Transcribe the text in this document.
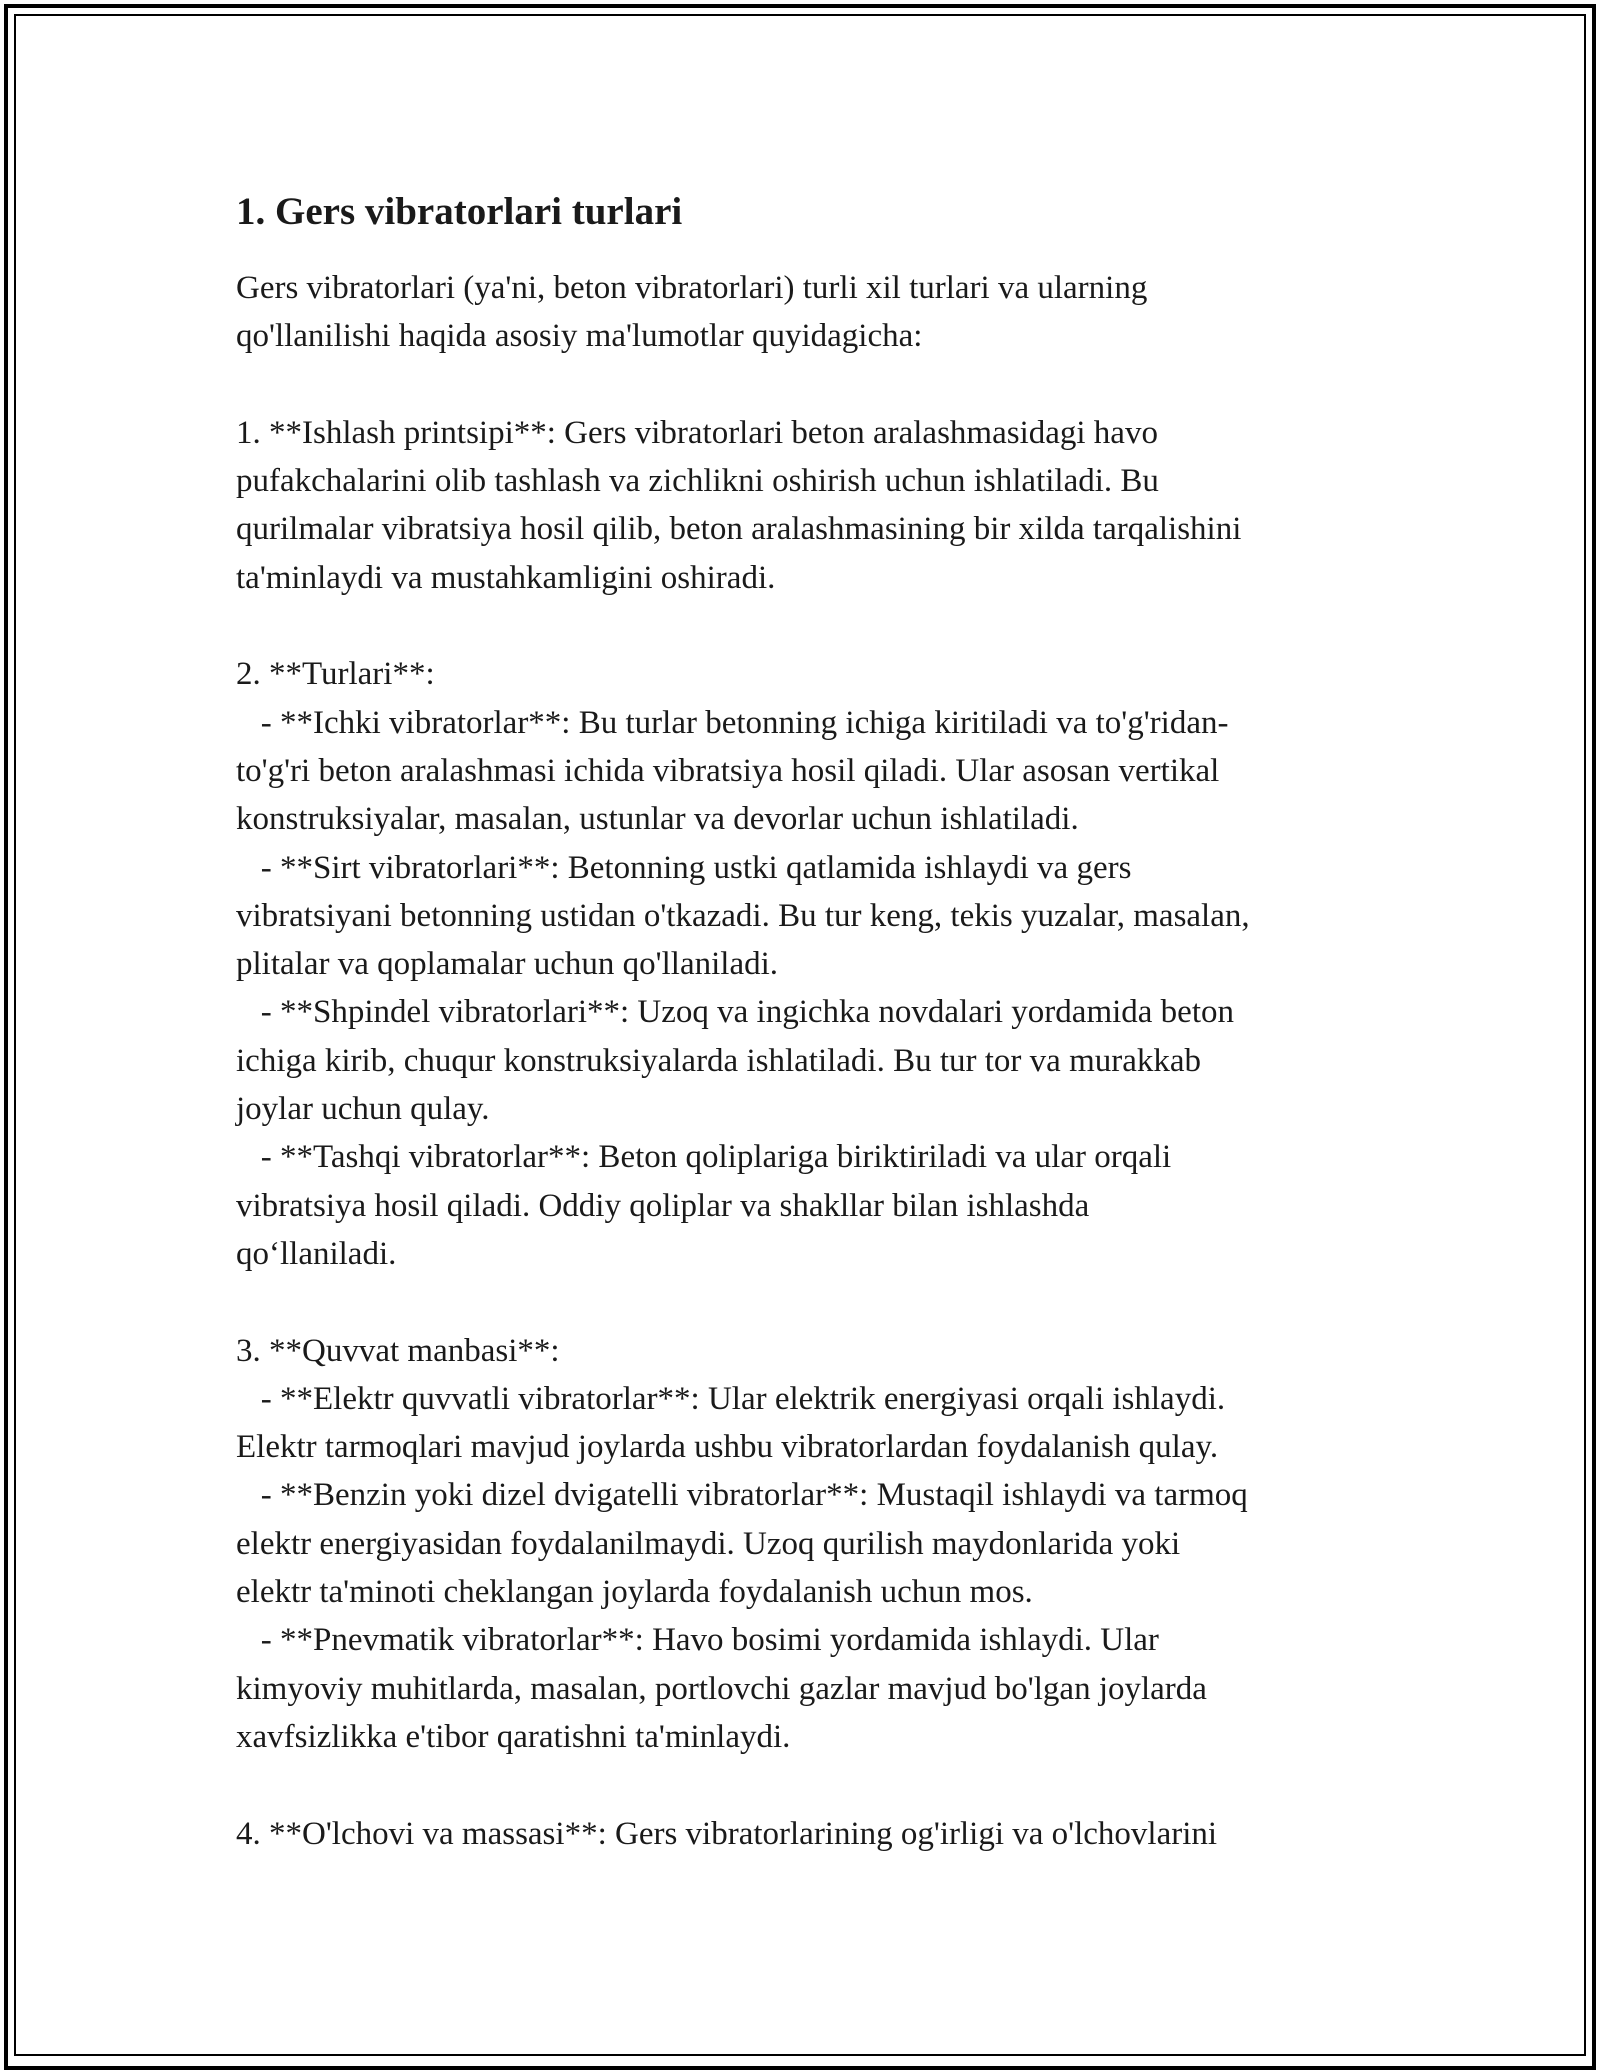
1. Gers vibratorlari turlari
Gers vibratorlari (ya'ni, beton vibratorlari) turli xil turlari va ularning
qo'llanilishi haqida asosiy ma'lumotlar quyidagicha:
1. **Ishlash printsipi**: Gers vibratorlari beton aralashmasidagi havo
pufakchalarini olib tashlash va zichlikni oshirish uchun ishlatiladi. Bu
qurilmalar vibratsiya hosil qilib, beton aralashmasining bir xilda tarqalishini
ta'minlaydi va mustahkamligini oshiradi.
2. **Turlari**:
- **Ichki vibratorlar**: Bu turlar betonning ichiga kiritiladi va to'g'ridan-
to'g'ri beton aralashmasi ichida vibratsiya hosil qiladi. Ular asosan vertikal
konstruksiyalar, masalan, ustunlar va devorlar uchun ishlatiladi.
- **Sirt vibratorlari**: Betonning ustki qatlamida ishlaydi va gers
vibratsiyani betonning ustidan o'tkazadi. Bu tur keng, tekis yuzalar, masalan,
plitalar va qoplamalar uchun qo'llaniladi.
- **Shpindel vibratorlari**: Uzoq va ingichka novdalari yordamida beton
ichiga kirib, chuqur konstruksiyalarda ishlatiladi. Bu tur tor va murakkab
joylar uchun qulay.
- **Tashqi vibratorlar**: Beton qoliplariga biriktiriladi va ular orqali
vibratsiya hosil qiladi. Oddiy qoliplar va shakllar bilan ishlashda
qo‘llaniladi.
3. **Quvvat manbasi**:
- **Elektr quvvatli vibratorlar**: Ular elektrik energiyasi orqali ishlaydi.
Elektr tarmoqlari mavjud joylarda ushbu vibratorlardan foydalanish qulay.
- **Benzin yoki dizel dvigatelli vibratorlar**: Mustaqil ishlaydi va tarmoq
elektr energiyasidan foydalanilmaydi. Uzoq qurilish maydonlarida yoki
elektr ta'minoti cheklangan joylarda foydalanish uchun mos.
- **Pnevmatik vibratorlar**: Havo bosimi yordamida ishlaydi. Ular
kimyoviy muhitlarda, masalan, portlovchi gazlar mavjud bo'lgan joylarda
xavfsizlikka e'tibor qaratishni ta'minlaydi.
4. **O'lchovi va massasi**: Gers vibratorlarining og'irligi va o'lchovlarini
